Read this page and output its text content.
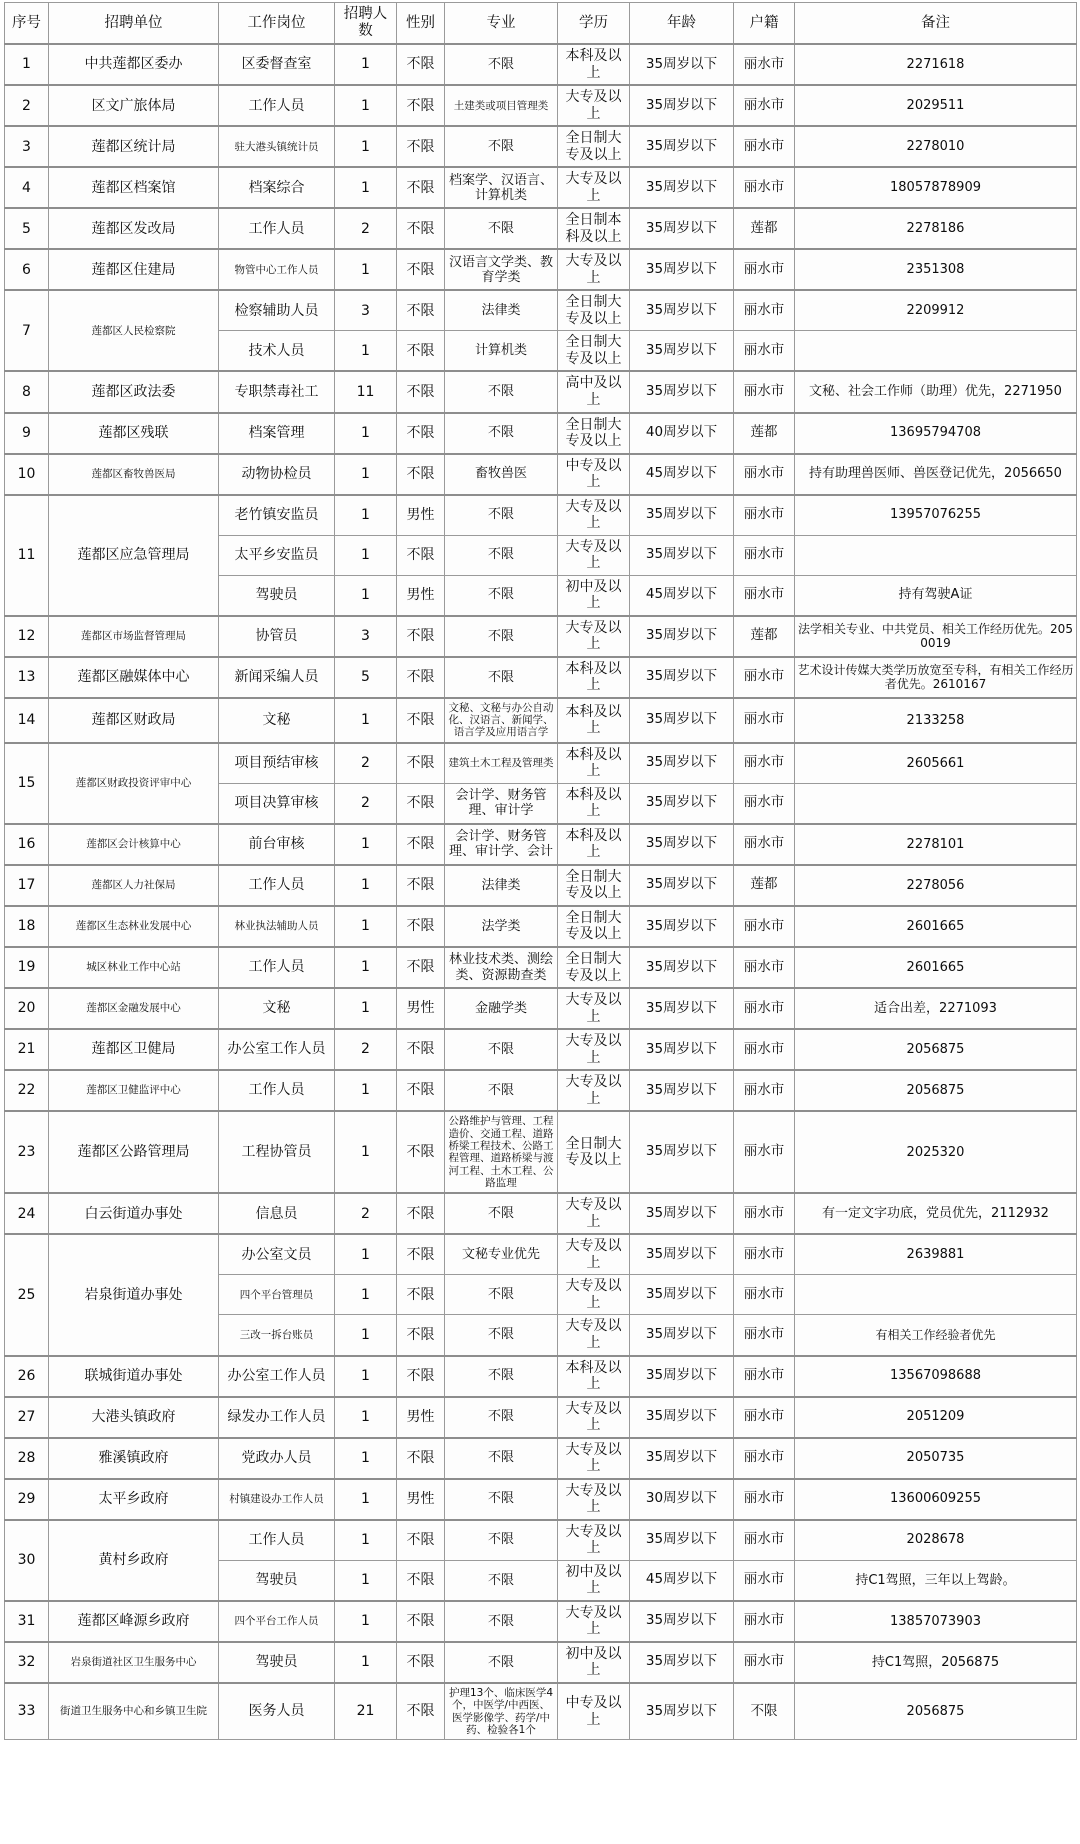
序号	招聘单位	工作岗位	招聘人数	性别	专业	学历	年龄	户籍	备注
1	中共莲都区委办	区委督查室	1	不限	不限	本科及以上	35周岁以下	丽水市	2271618
2	区文广旅体局	工作人员	1	不限	土建类或项目管理类	大专及以上	35周岁以下	丽水市	2029511
3	莲都区统计局	驻大港头镇统计员	1	不限	不限	全日制大专及以上	35周岁以下	丽水市	2278010
4	莲都区档案馆	档案综合	1	不限	档案学、汉语言、计算机类	大专及以上	35周岁以下	丽水市	18057878909
5	莲都区发改局	工作人员	2	不限	不限	全日制本科及以上	35周岁以下	莲都	2278186
6	莲都区住建局	物管中心工作人员	1	不限	汉语言文学类、教育学类	大专及以上	35周岁以下	丽水市	2351308
7	莲都区人民检察院	检察辅助人员	3	不限	法律类	全日制大专及以上	35周岁以下	丽水市	2209912
		技术人员	1	不限	计算机类	全日制大专及以上	35周岁以下	丽水市	
8	莲都区政法委	专职禁毒社工	11	不限	不限	高中及以上	35周岁以下	丽水市	文秘、社会工作师（助理）优先，2271950
9	莲都区残联	档案管理	1	不限	不限	全日制大专及以上	40周岁以下	莲都	13695794708
10	莲都区畜牧兽医局	动物协检员	1	不限	畜牧兽医	中专及以上	45周岁以下	丽水市	持有助理兽医师、兽医登记优先，2056650
11	莲都区应急管理局	老竹镇安监员	1	男性	不限	大专及以上	35周岁以下	丽水市	13957076255
		太平乡安监员	1	不限	不限	大专及以上	35周岁以下	丽水市	
		驾驶员	1	男性	不限	初中及以上	45周岁以下	丽水市	持有驾驶A证
12	莲都区市场监督管理局	协管员	3	不限	不限	大专及以上	35周岁以下	莲都	法学相关专业、中共党员、相关工作经历优先。2050019
13	莲都区融媒体中心	新闻采编人员	5	不限	不限	本科及以上	35周岁以下	丽水市	艺术设计传媒大类学历放宽至专科，有相关工作经历者优先。2610167
14	莲都区财政局	文秘	1	不限	文秘、文秘与办公自动化、汉语言、新闻学、语言学及应用语言学	本科及以上	35周岁以下	丽水市	2133258
15	莲都区财政投资评审中心	项目预结审核	2	不限	建筑土木工程及管理类	本科及以上	35周岁以下	丽水市	2605661
		项目决算审核	2	不限	会计学、财务管理、审计学	本科及以上	35周岁以下	丽水市	
16	莲都区会计核算中心	前台审核	1	不限	会计学、财务管理、审计学、会计	本科及以上	35周岁以下	丽水市	2278101
17	莲都区人力社保局	工作人员	1	不限	法律类	全日制大专及以上	35周岁以下	莲都	2278056
18	莲都区生态林业发展中心	林业执法辅助人员	1	不限	法学类	全日制大专及以上	35周岁以下	丽水市	2601665
19	城区林业工作中心站	工作人员	1	不限	林业技术类、测绘类、资源勘查类	全日制大专及以上	35周岁以下	丽水市	2601665
20	莲都区金融发展中心	文秘	1	男性	金融学类	大专及以上	35周岁以下	丽水市	适合出差，2271093
21	莲都区卫健局	办公室工作人员	2	不限	不限	大专及以上	35周岁以下	丽水市	2056875
22	莲都区卫健监评中心	工作人员	1	不限	不限	大专及以上	35周岁以下	丽水市	2056875
23	莲都区公路管理局	工程协管员	1	不限	公路维护与管理、工程造价、交通工程、道路桥梁工程技术、公路工程管理、道路桥梁与渡河工程、土木工程、公路监理	全日制大专及以上	35周岁以下	丽水市	2025320
24	白云街道办事处	信息员	2	不限	不限	大专及以上	35周岁以下	丽水市	有一定文字功底，党员优先，2112932
25	岩泉街道办事处	办公室文员	1	不限	文秘专业优先	大专及以上	35周岁以下	丽水市	2639881
		四个平台管理员	1	不限	不限	大专及以上	35周岁以下	丽水市	
		三改一拆台账员	1	不限	不限	大专及以上	35周岁以下	丽水市	有相关工作经验者优先
26	联城街道办事处	办公室工作人员	1	不限	不限	本科及以上	35周岁以下	丽水市	13567098688
27	大港头镇政府	绿发办工作人员	1	男性	不限	大专及以上	35周岁以下	丽水市	2051209
28	雅溪镇政府	党政办人员	1	不限	不限	大专及以上	35周岁以下	丽水市	2050735
29	太平乡政府	村镇建设办工作人员	1	男性	不限	大专及以上	30周岁以下	丽水市	13600609255
30	黄村乡政府	工作人员	1	不限	不限	大专及以上	35周岁以下	丽水市	2028678
		驾驶员	1	不限	不限	初中及以上	45周岁以下	丽水市	持C1驾照，三年以上驾龄。
31	莲都区峰源乡政府	四个平台工作人员	1	不限	不限	大专及以上	35周岁以下	丽水市	13857073903
32	岩泉街道社区卫生服务中心	驾驶员	1	不限	不限	初中及以上	35周岁以下	丽水市	持C1驾照，2056875
33	街道卫生服务中心和乡镇卫生院	医务人员	21	不限	护理13个、临床医学4个，中医学/中西医、医学影像学、药学/中药、检验各1个	中专及以上	35周岁以下	不限	2056875
